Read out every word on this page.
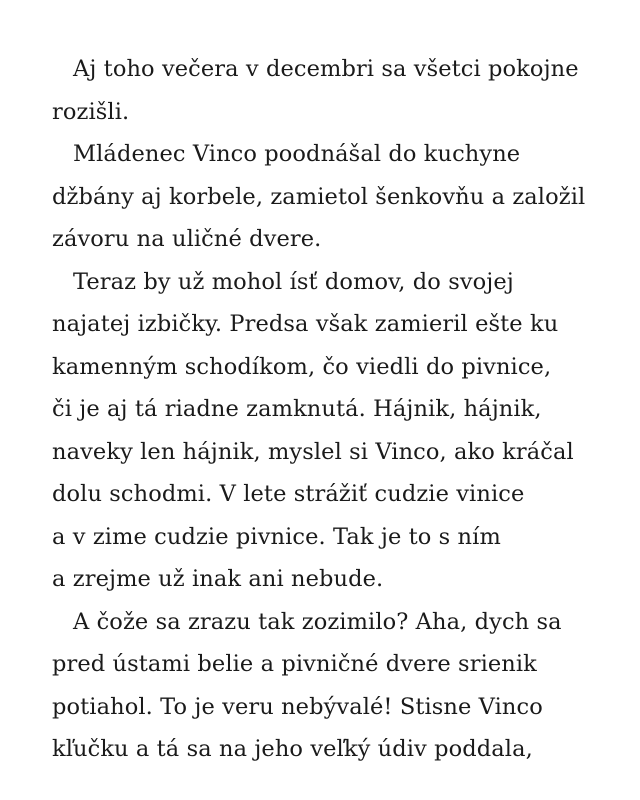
Aj toho večera v decembri sa všetci pokojne
rozišli.
Mládenec Vinco poodnášal do kuchyne
džbány aj korbele, zamietol šenkovňu a založil
závoru na uličné dvere.
Teraz by už mohol ísť domov, do svojej
najatej izbičky. Predsa však zamieril ešte ku
kamenným schodíkom, čo viedli do pivnice,
či je aj tá riadne zamknutá. Hájnik, hájnik,
naveky len hájnik, myslel si Vinco, ako kráčal
dolu schodmi. V lete strážiť cudzie vinice
a v zime cudzie pivnice. Tak je to s ním
a zrejme už inak ani nebude.
A čože sa zrazu tak zozimilo? Aha, dych sa
pred ústami belie a pivničné dvere srienik
potiahol. To je veru nebývalé! Stisne Vinco
kľučku a tá sa na jeho veľký údiv poddala,
